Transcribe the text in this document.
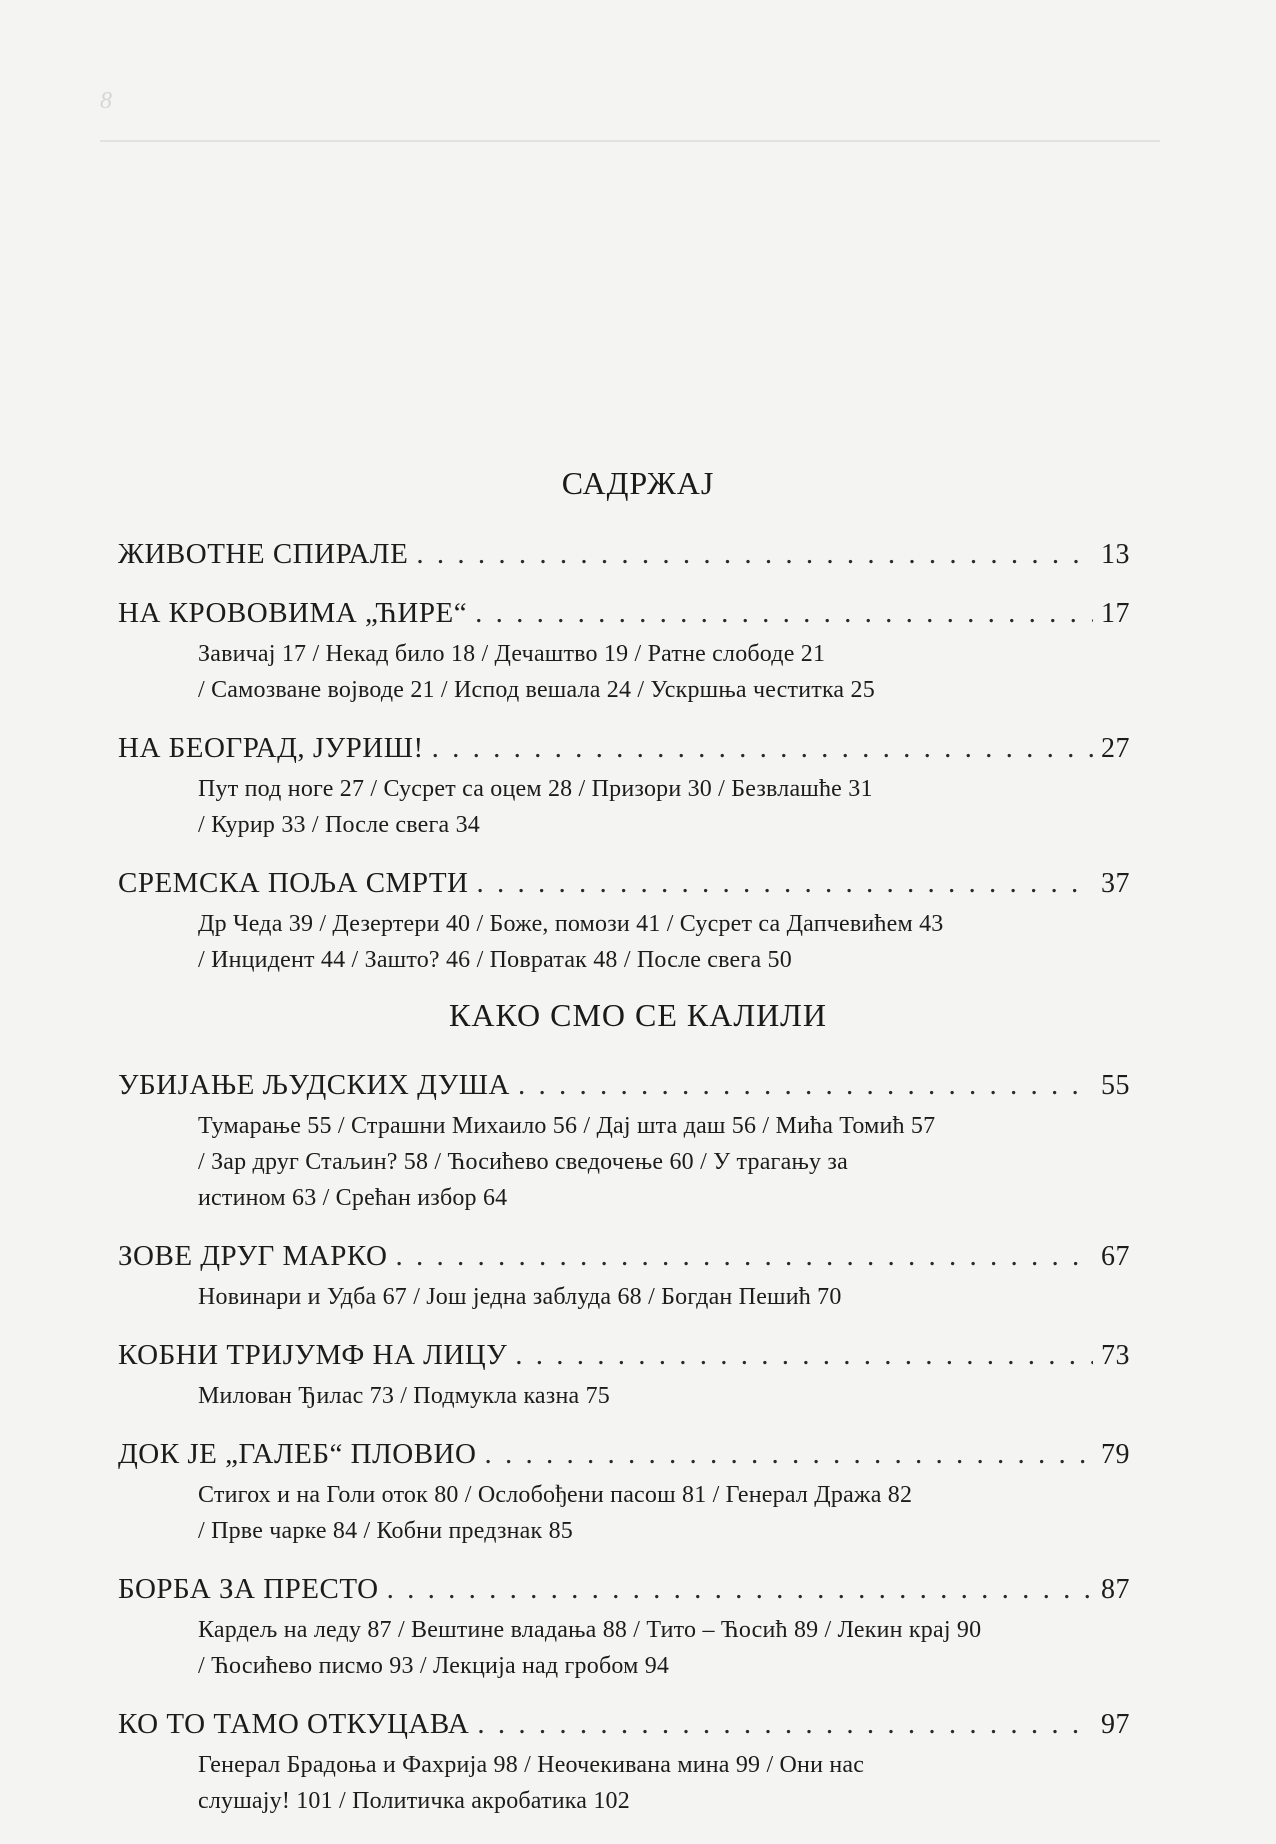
8

САДРЖАЈ
ЖИВОТНЕ СПИРАЛЕ . . .	13
НА КРОВОВИМА „ЋИРЕ“ . . .	17
Завичај 17 / Некад било 18 / Дечаштво 19 / Ратне слободе 21
/ Самозване војводе 21 / Испод вешала 24 / Ускршња честитка 25
НА БЕОГРАД, ЈУРИШ! . . .	27
Пут под ноге 27 / Сусрет са оцем 28 / Призори 30 / Безвлашће 31
/ Курир 33 / После свега 34
СРЕМСКА ПОЉА СМРТИ . . .	37
Др Чеда 39 / Дезертери 40 / Боже, помози 41 / Сусрет са Дапчевићем 43
/ Инцидент 44 / Зашто? 46 / Повратак 48 / После свега 50
КАКО СМО СЕ КАЛИЛИ
УБИЈАЊЕ ЉУДСКИХ ДУША . . .	55
Тумарање 55 / Страшни Михаило 56 / Дај шта даш 56 / Мића Томић 57
/ Зар друг Стаљин? 58 / Ћосићево сведочење 60 / У трагању за
истином 63 / Срећан избор 64
ЗОВЕ ДРУГ МАРКО . . .	67
Новинари и Удба 67 / Још једна заблуда 68 / Богдан Пешић 70
КОБНИ ТРИЈУМФ НА ЛИЦУ . . .	73
Милован Ђилас 73 / Подмукла казна 75
ДОК ЈЕ „ГАЛЕБ“ ПЛОВИО . . .	79
Стигох и на Голи оток 80 / Ослобођени пасош 81 / Генерал Дража 82
/ Прве чарке 84 / Кобни предзнак 85
БОРБА ЗА ПРЕСТО . . .	87
Кардељ на леду 87 / Вештине владања 88 / Тито – Ћосић 89 / Лекин крај 90
/ Ћосићево писмо 93 / Лекција над гробом 94
КО ТО ТАМО ОТКУЦАВА . . .	97
Генерал Брадоња и Фахрија 98 / Неочекивана мина 99 / Они нас
слушају! 101 / Политичка акробатика 102
